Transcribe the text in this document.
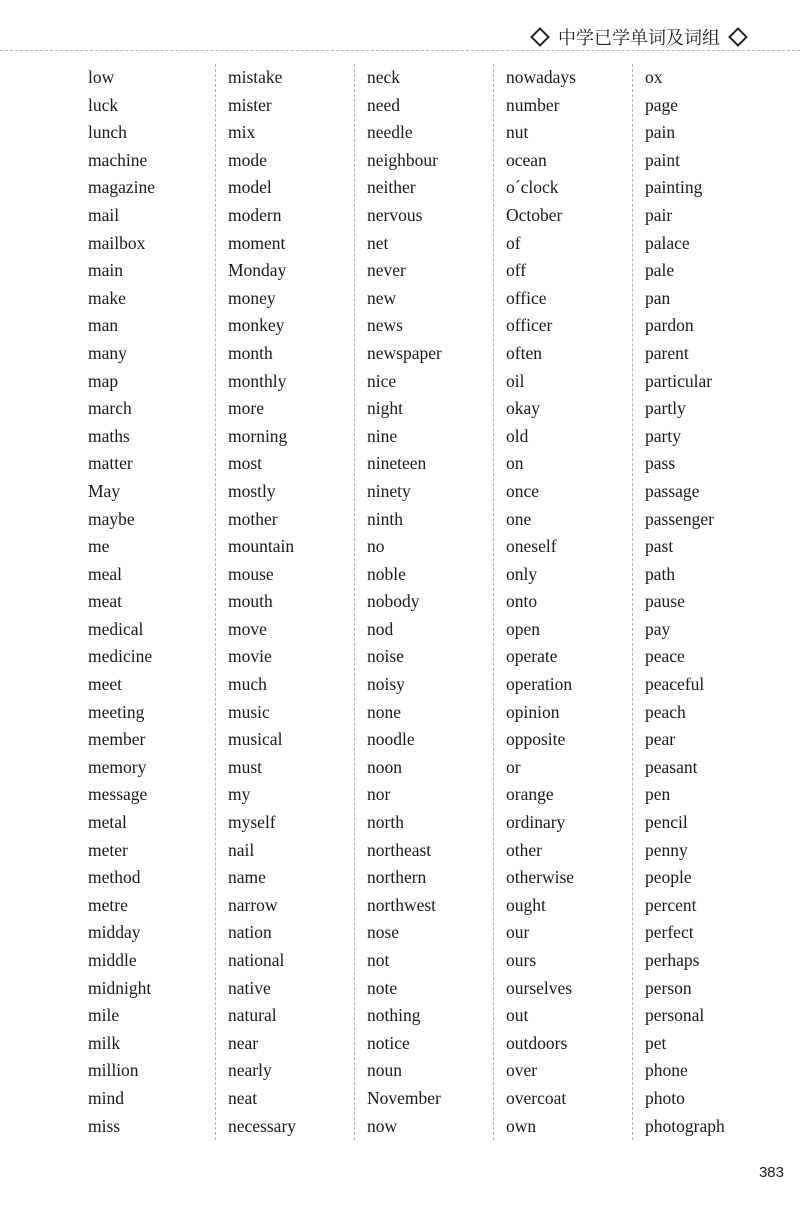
中学已学单词及词组
low
luck
lunch
machine
magazine
mail
mailbox
main
make
man
many
map
march
maths
matter
May
maybe
me
meal
meat
medical
medicine
meet
meeting
member
memory
message
metal
meter
method
metre
midday
middle
midnight
mile
milk
million
mind
miss
mistake
mister
mix
mode
model
modern
moment
Monday
money
monkey
month
monthly
more
morning
most
mostly
mother
mountain
mouse
mouth
move
movie
much
music
musical
must
my
myself
nail
name
narrow
nation
national
native
natural
near
nearly
neat
necessary
neck
need
needle
neighbour
neither
nervous
net
never
new
news
newspaper
nice
night
nine
nineteen
ninety
ninth
no
noble
nobody
nod
noise
noisy
none
noodle
noon
nor
north
northeast
northern
northwest
nose
not
note
nothing
notice
noun
November
now
nowadays
number
nut
ocean
o´clock
October
of
off
office
officer
often
oil
okay
old
on
once
one
oneself
only
onto
open
operate
operation
opinion
opposite
or
orange
ordinary
other
otherwise
ought
our
ours
ourselves
out
outdoors
over
overcoat
own
ox
page
pain
paint
painting
pair
palace
pale
pan
pardon
parent
particular
partly
party
pass
passage
passenger
past
path
pause
pay
peace
peaceful
peach
pear
peasant
pen
pencil
penny
people
percent
perfect
perhaps
person
personal
pet
phone
photo
photograph
383
